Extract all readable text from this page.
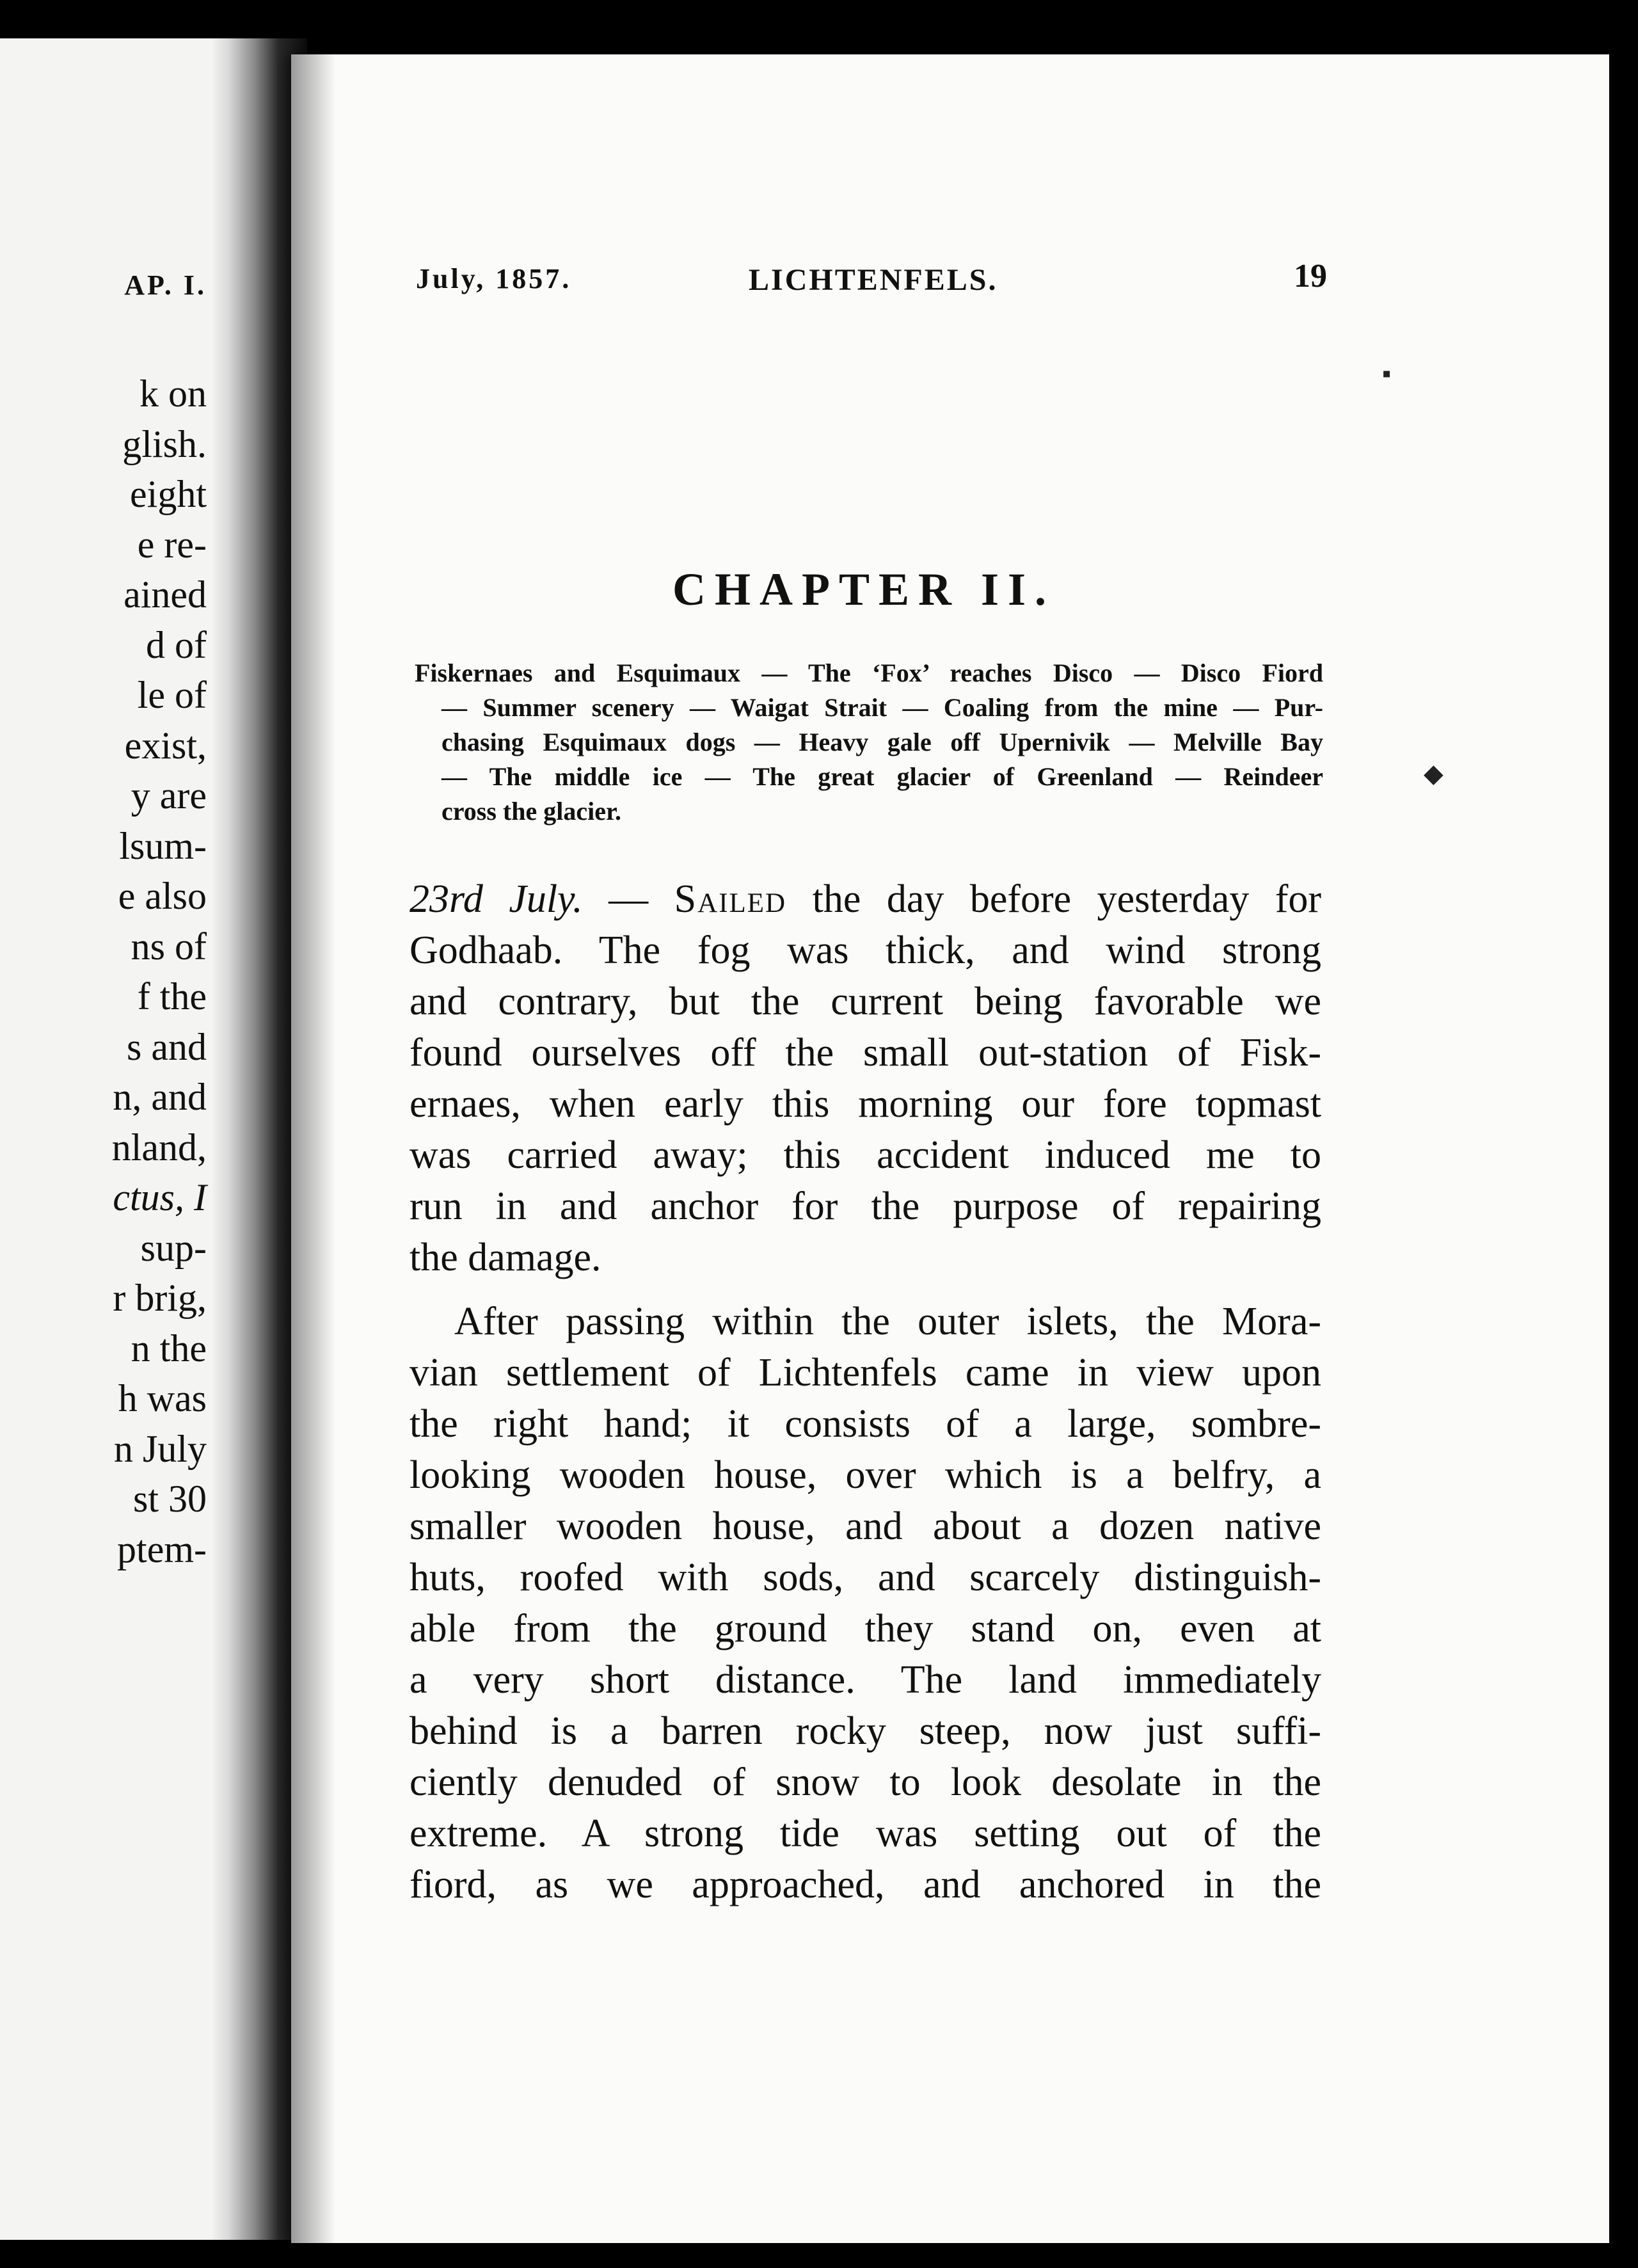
AP. I.
k on
glish.
eight
e re-
ained
d of
le of
exist,
y are
lsum-
e also
ns of
f the
s and
n, and
nland,
ctus, I
sup-
r brig,
n the
h was
n July
st 30
ptem-
July, 1857.	LICHTENFELS.	19
CHAPTER II.
Fiskernaes and Esquimaux — The ‘Fox’ reaches Disco — Disco Fiord
— Summer scenery — Waigat Strait — Coaling from the mine — Pur-
chasing Esquimaux dogs — Heavy gale off Upernivik — Melville Bay
— The middle ice — The great glacier of Greenland — Reindeer
cross the glacier.
23rd July. — Sailed the day before yesterday for
Godhaab. The fog was thick, and wind strong
and contrary, but the current being favorable we
found ourselves off the small out-station of Fisk-
ernaes, when early this morning our fore topmast
was carried away; this accident induced me to
run in and anchor for the purpose of repairing
the damage.
After passing within the outer islets, the Mora-
vian settlement of Lichtenfels came in view upon
the right hand; it consists of a large, sombre-
looking wooden house, over which is a belfry, a
smaller wooden house, and about a dozen native
huts, roofed with sods, and scarcely distinguish-
able from the ground they stand on, even at
a very short distance. The land immediately
behind is a barren rocky steep, now just suffi-
ciently denuded of snow to look desolate in the
extreme. A strong tide was setting out of the
fiord, as we approached, and anchored in the
▪
◆
